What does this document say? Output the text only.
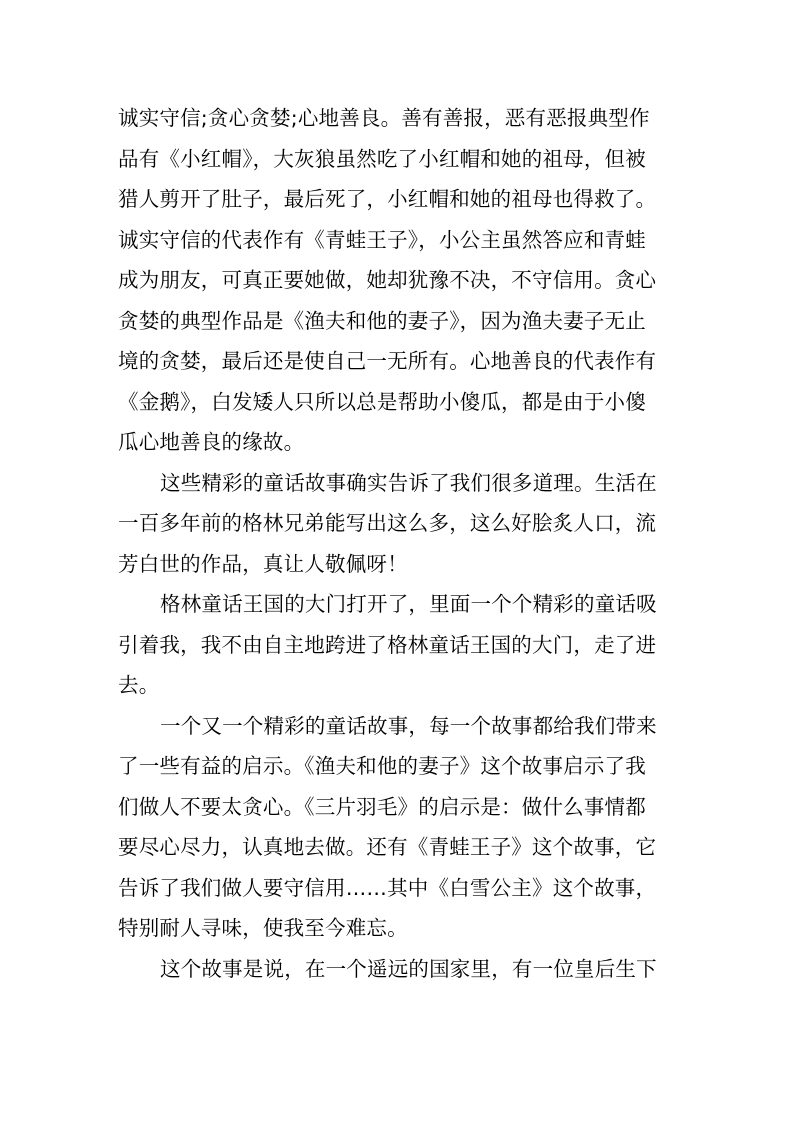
诚实守信;贪心贪婪;心地善良。善有善报，恶有恶报典型作
品有《小红帽》，大灰狼虽然吃了小红帽和她的祖母，但被
猎人剪开了肚子，最后死了，小红帽和她的祖母也得救了。
诚实守信的代表作有《青蛙王子》，小公主虽然答应和青蛙
成为朋友，可真正要她做，她却犹豫不决，不守信用。贪心
贪婪的典型作品是《渔夫和他的妻子》，因为渔夫妻子无止
境的贪婪，最后还是使自己一无所有。心地善良的代表作有
《金鹅》，白发矮人只所以总是帮助小傻瓜，都是由于小傻
瓜心地善良的缘故。
这些精彩的童话故事确实告诉了我们很多道理。生活在
一百多年前的格林兄弟能写出这么多，这么好脍炙人口，流
芳白世的作品，真让人敬佩呀！
格林童话王国的大门打开了，里面一个个精彩的童话吸
引着我，我不由自主地跨进了格林童话王国的大门，走了进
去。
一个又一个精彩的童话故事，每一个故事都给我们带来
了一些有益的启示。《渔夫和他的妻子》这个故事启示了我
们做人不要太贪心。《三片羽毛》的启示是：做什么事情都
要尽心尽力，认真地去做。还有《青蛙王子》这个故事，它
告诉了我们做人要守信用……其中《白雪公主》这个故事，
特别耐人寻味，使我至今难忘。
这个故事是说，在一个遥远的国家里，有一位皇后生下
